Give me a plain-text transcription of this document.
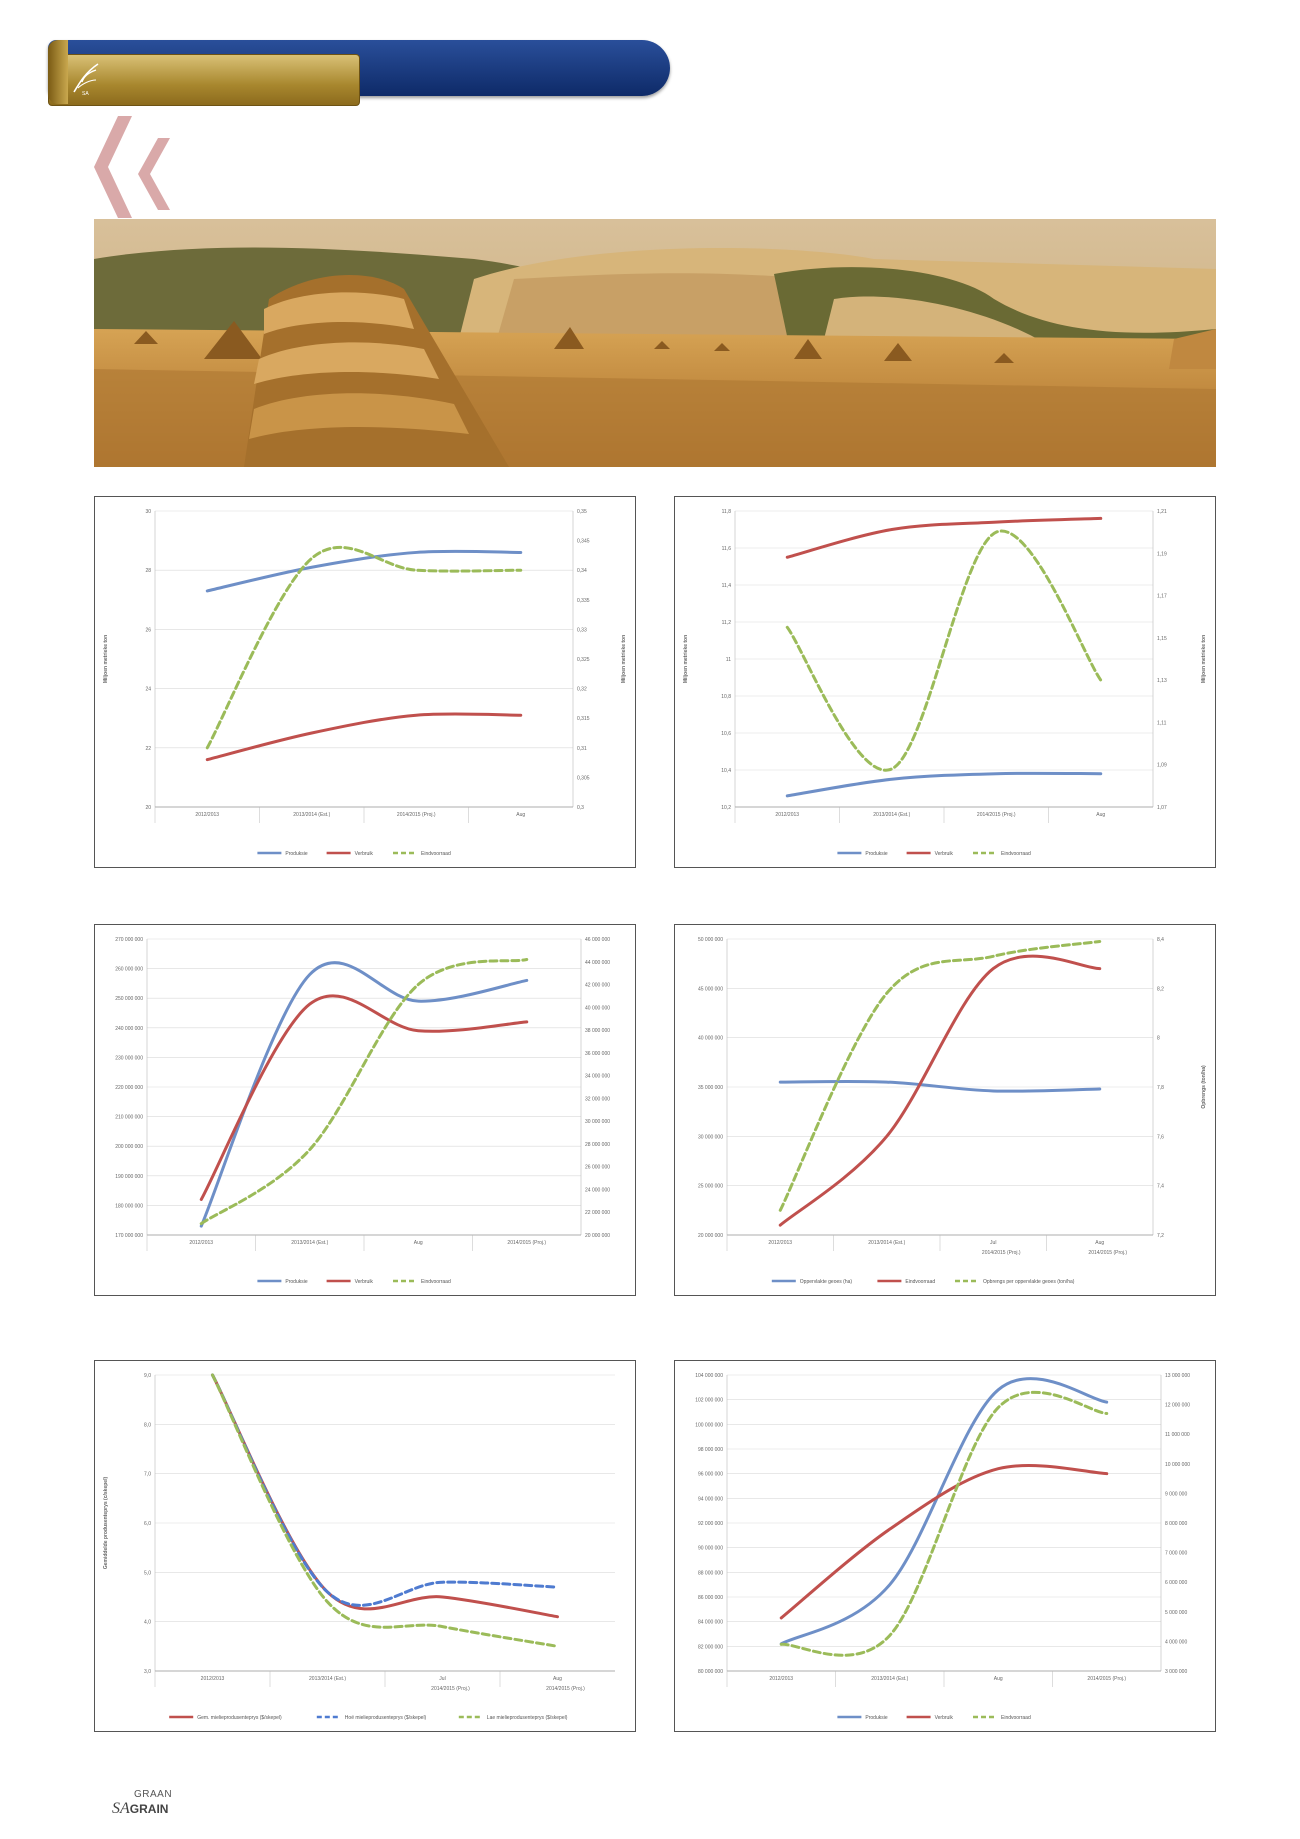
SA
20
22
24
26
28
30
0,3
0,305
0,31
0,315
0,32
0,325
0,33
0,335
0,34
0,345
0,35
Miljoen metrieke ton	Miljoen metrieke ton
2012/2013	2013/2014 (Est.)	2014/2015 (Proj.)	Aug
Produksie	Verbruik	Eindvoorraad
10,2
10,4
10,6
10,8
11
11,2
11,4
11,6
11,8
1,07
1,09
1,11
1,13
1,15
1,17
1,19
1,21
Miljoen metrieke ton	Miljoen metrieke ton
2012/2013	2013/2014 (Est.)	2014/2015 (Proj.)	Aug
Produksie	Verbruik	Eindvoorraad
170 000 000
180 000 000
190 000 000
200 000 000
210 000 000
220 000 000
230 000 000
240 000 000
250 000 000
260 000 000
270 000 000
20 000 000
22 000 000
24 000 000
26 000 000
28 000 000
30 000 000
32 000 000
34 000 000
36 000 000
38 000 000
40 000 000
42 000 000
44 000 000
46 000 000
2012/2013	2013/2014 (Est.)	Aug	2014/2015 (Proj.)
Produksie	Verbruik	Eindvoorraad
20 000 000
25 000 000
30 000 000
35 000 000
40 000 000
45 000 000
50 000 000
7,2
7,4
7,6
7,8
8
8,2
8,4
Opbrengs (ton/ha)
2012/2013	2013/2014 (Est.)	Jul
2014/2015 (Proj.)
Aug
2014/2015 (Proj.)
Oppervlakte geoes (ha)	Eindvoorraad	Opbrengs per oppervlakte geoes (ton/ha)
3,0
4,0
5,0
6,0
7,0
8,0
9,0
Gemiddelde produsenteprys (c/skepel)
2012/2013	2013/2014 (Est.)	Jul
2014/2015 (Proj.)
Aug
2014/2015 (Proj.)
Gem. mielieprodusenteprys ($/skepel)	Hoë mielieprodusenteprys ($/skepel)	Lae mielieprodusenteprys ($/skepel)
80 000 000
82 000 000
84 000 000
86 000 000
88 000 000
90 000 000
92 000 000
94 000 000
96 000 000
98 000 000
100 000 000
102 000 000
104 000 000
3 000 000
4 000 000
5 000 000
6 000 000
7 000 000
8 000 000
9 000 000
10 000 000
11 000 000
12 000 000
13 000 000
2012/2013	2013/2014 (Est.)	Aug	2014/2015 (Proj.)
Produksie	Verbruik	Eindvoorraad
GRAAN
SAGRAIN
